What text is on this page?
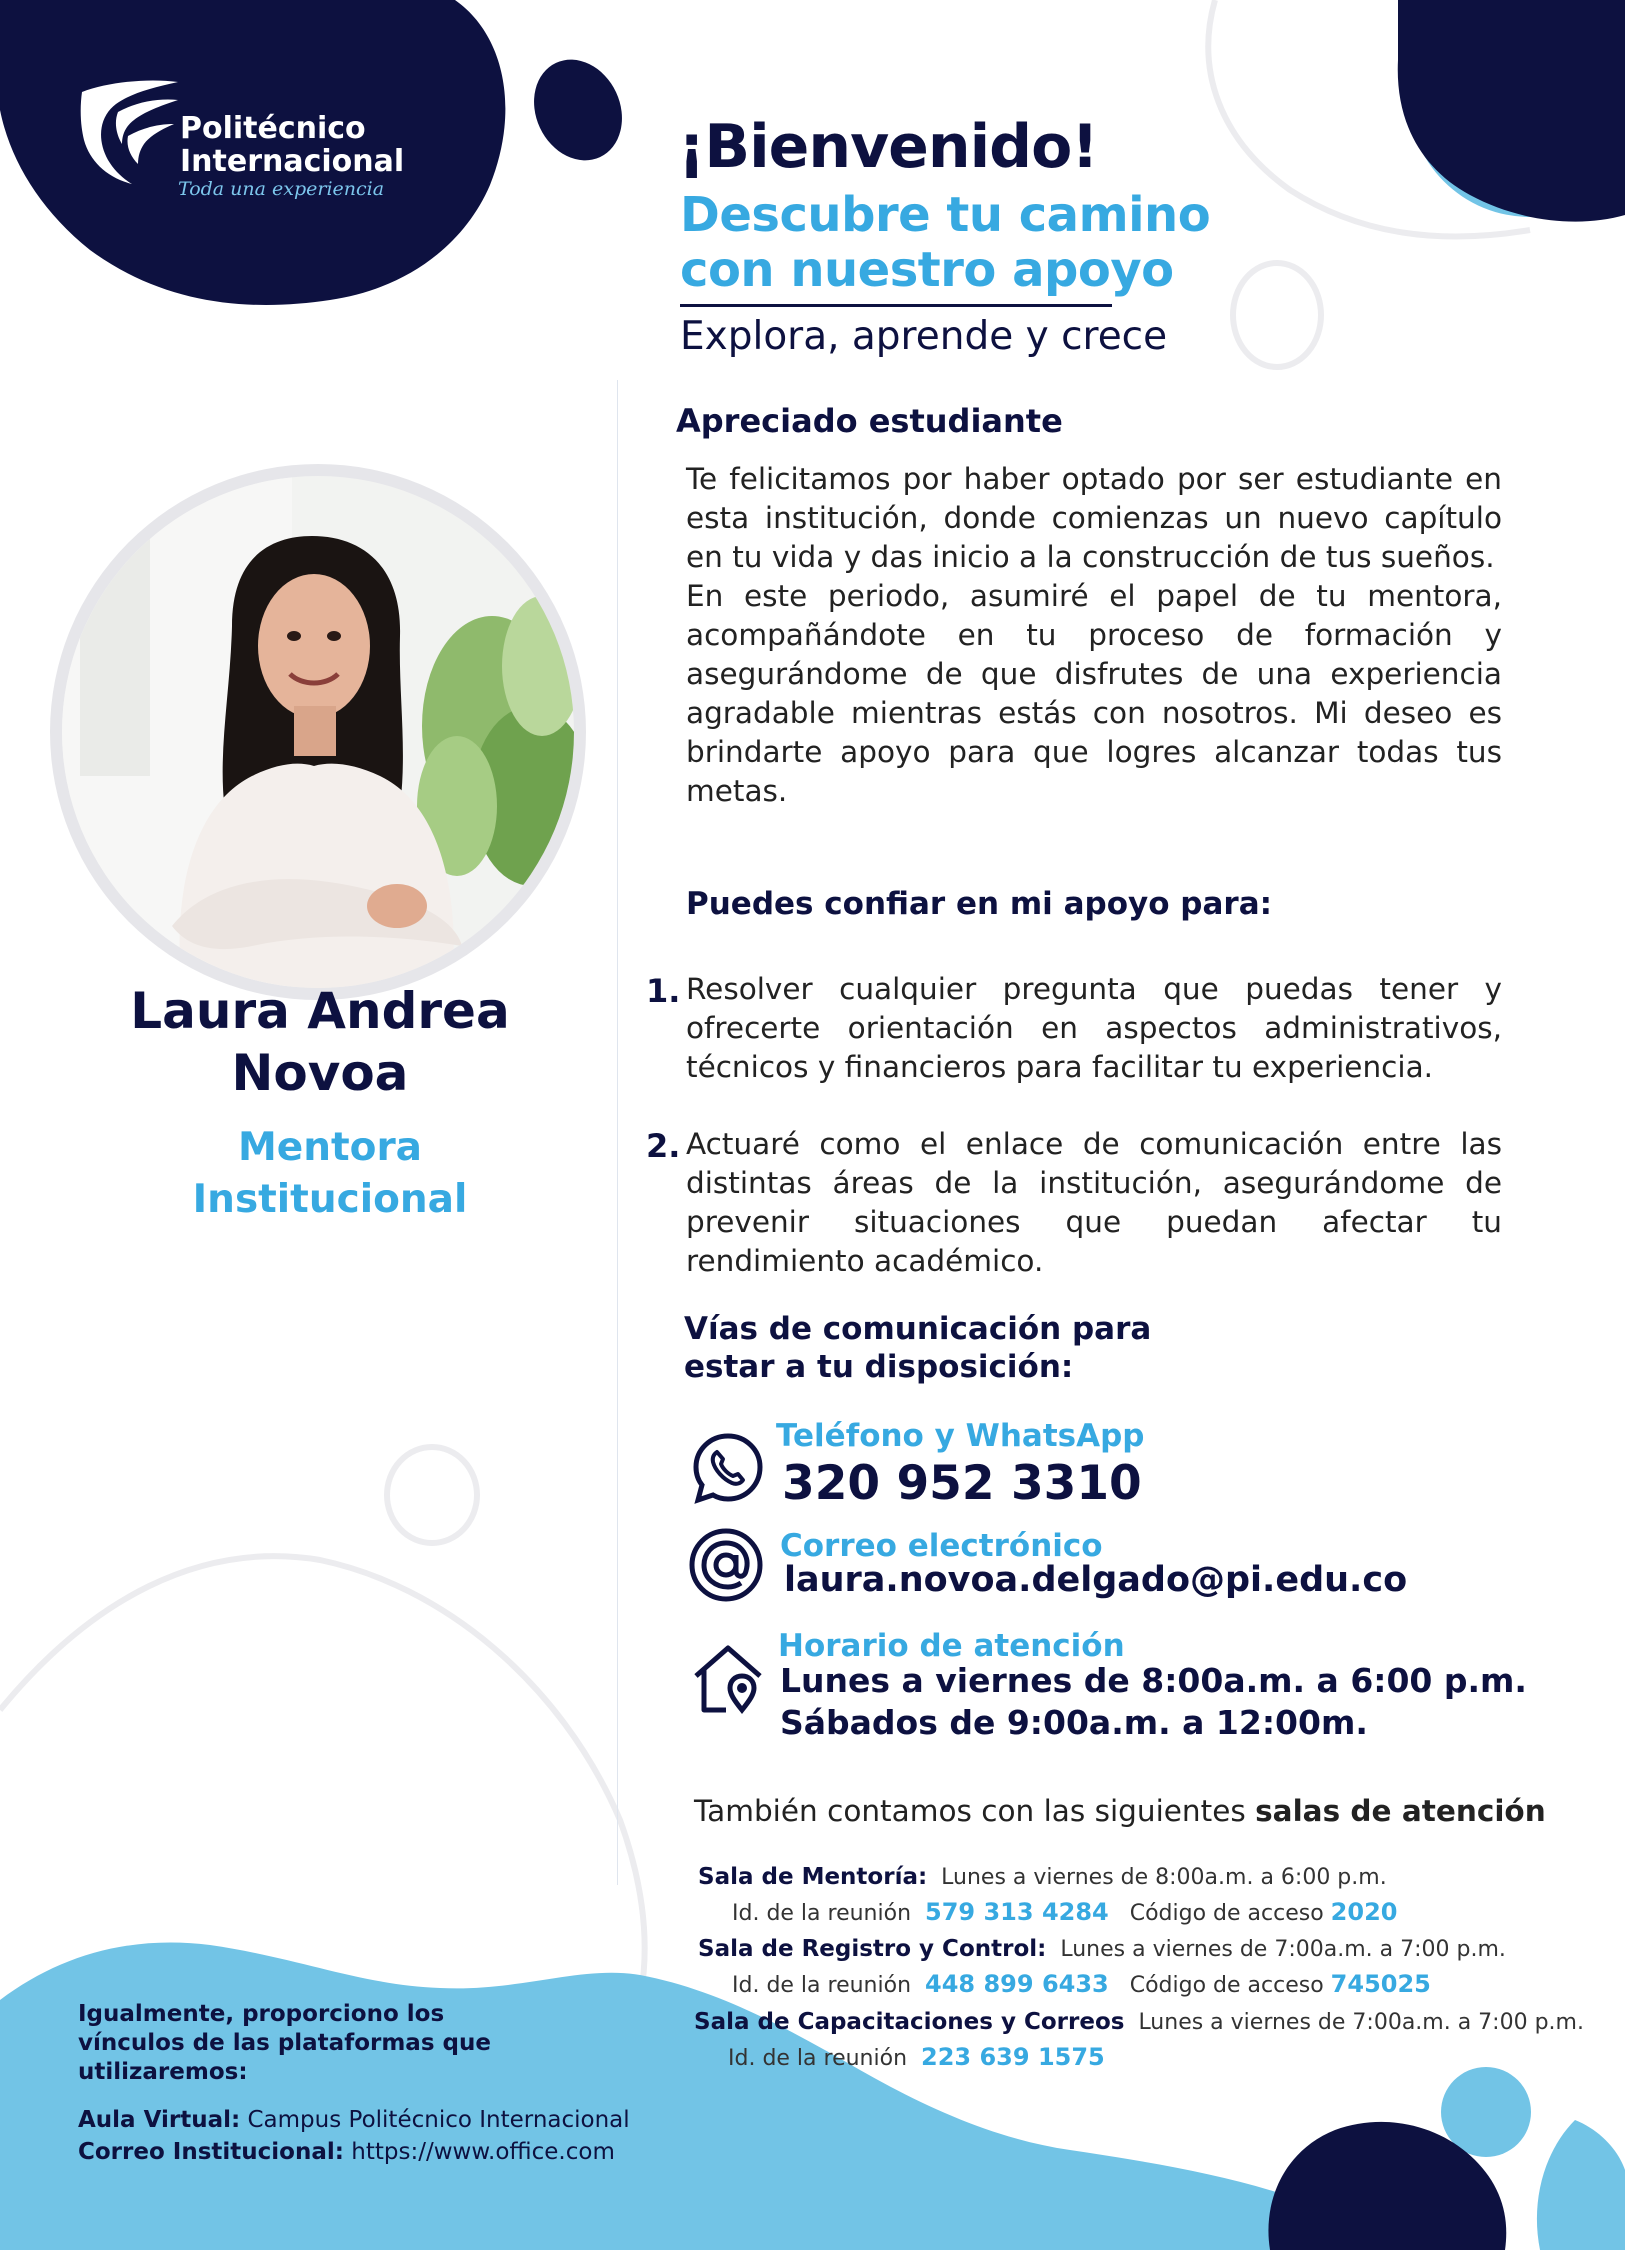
Politécnico
Internacional
Toda una experiencia
¡Bienvenido!
Descubre tu camino
con nuestro apoyo
Explora, aprende y crece
Laura Andrea
Novoa
Mentora
Institucional
Apreciado estudiante

Te felicitamos por haber optado por ser estudiante en esta institución, donde comienzas un nuevo capítulo en tu vida y das inicio a la construcción de tus sueños.

En este periodo, asumiré el papel de tu mentora, acompañándote en tu proceso de formación y asegurándome de que disfrutes de una experiencia agradable mientras estás con nosotros. Mi deseo es brindarte apoyo para que logres alcanzar todas tus metas.

Puedes confiar en mi apoyo para:
1. Resolver cualquier pregunta que puedas tener y ofrecerte orientación en aspectos administrativos, técnicos y financieros para facilitar tu experiencia.
2. Actuaré como el enlace de comunicación entre las distintas áreas de la institución, asegurándome de prevenir situaciones que puedan afectar tu rendimiento académico.
Vías de comunicación para estar a tu disposición:
Teléfono y WhatsApp
320 952 3310
Correo electrónico
laura.novoa.delgado@pi.edu.co
Horario de atención
Lunes a viernes de 8:00a.m. a 6:00 p.m.
Sábados de 9:00a.m. a 12:00m.
También contamos con las siguientes salas de atención
Sala de Mentoría: Lunes a viernes de 8:00a.m. a 6:00 p.m.
Id. de la reunión 579 313 4284 Código de acceso 2020
Sala de Registro y Control: Lunes a viernes de 7:00a.m. a 7:00 p.m.
Id. de la reunión 448 899 6433 Código de acceso 745025
Sala de Capacitaciones y Correos Lunes a viernes de 7:00a.m. a 7:00 p.m.
Id. de la reunión 223 639 1575
Igualmente, proporciono los vínculos de las plataformas que utilizaremos:
Aula Virtual: Campus Politécnico Internacional
Correo Institucional: https://www.office.com
